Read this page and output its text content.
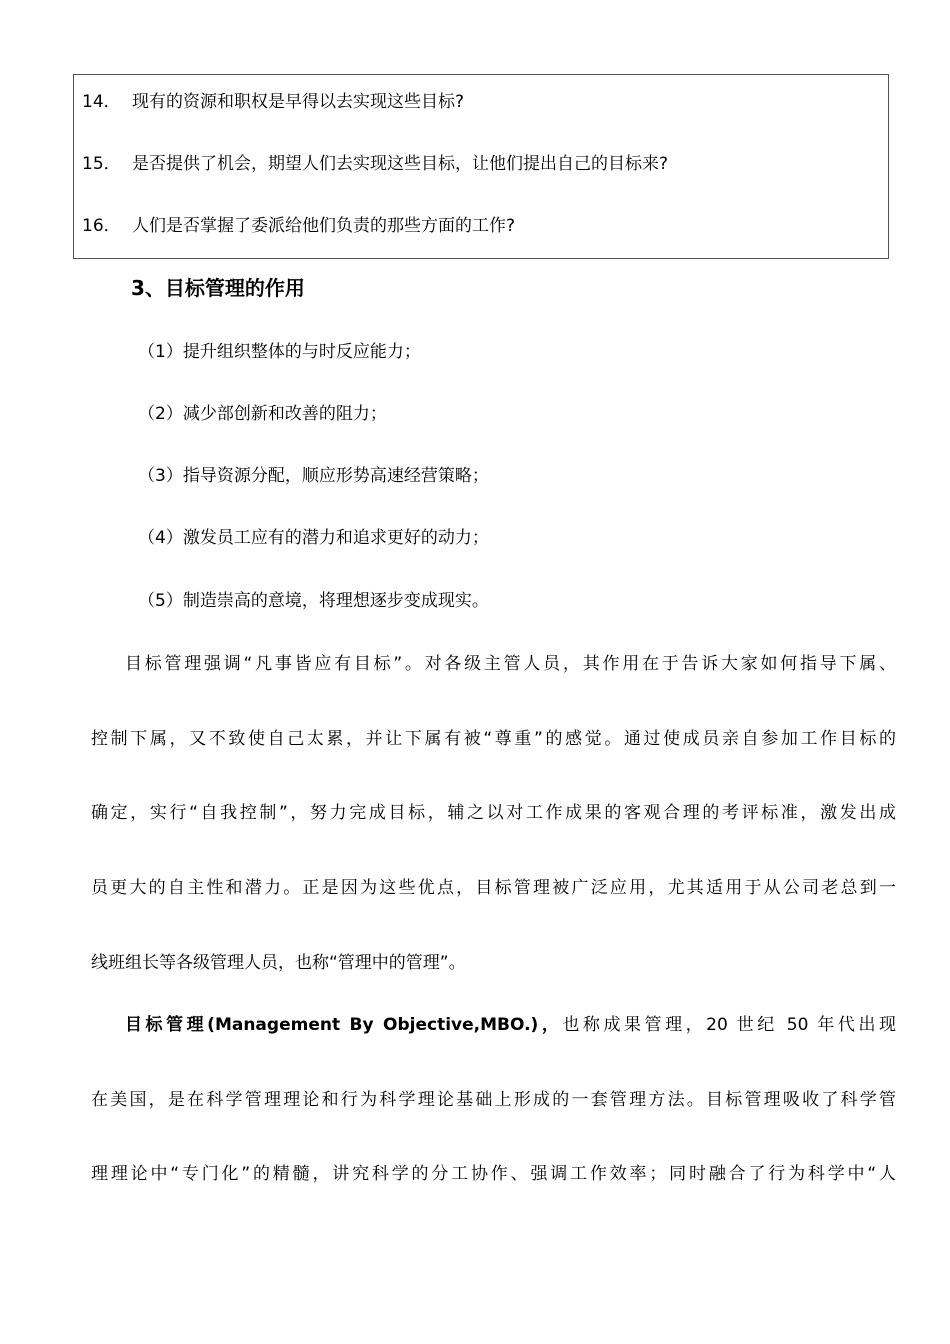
14． 现有的资源和职权是早得以去实现这些目标?
15． 是否提供了机会，期望人们去实现这些目标，让他们提出自己的目标来?
16． 人们是否掌握了委派给他们负责的那些方面的工作?
3、目标管理的作用
（1）提升组织整体的与时反应能力；
（2）减少部创新和改善的阻力；
（3）指导资源分配，顺应形势高速经营策略；
（4）激发员工应有的潜力和追求更好的动力；
（5）制造崇高的意境，将理想逐步变成现实。
目标管理强调“凡事皆应有目标”。对各级主管人员，其作用在于告诉大家如何指导下属、
控制下属，又不致使自己太累，并让下属有被“尊重”的感觉。通过使成员亲自参加工作目标的
确定，实行“自我控制”，努力完成目标，辅之以对工作成果的客观合理的考评标准，激发出成
员更大的自主性和潜力。正是因为这些优点，目标管理被广泛应用，尤其适用于从公司老总到一
线班组长等各级管理人员，也称“管理中的管理”。
目标管理(Management By Objective,MBO.)，也称成果管理，20 世纪 50 年代出现
在美国，是在科学管理理论和行为科学理论基础上形成的一套管理方法。目标管理吸收了科学管
理理论中“专门化”的精髓，讲究科学的分工协作、强调工作效率；同时融合了行为科学中“人
